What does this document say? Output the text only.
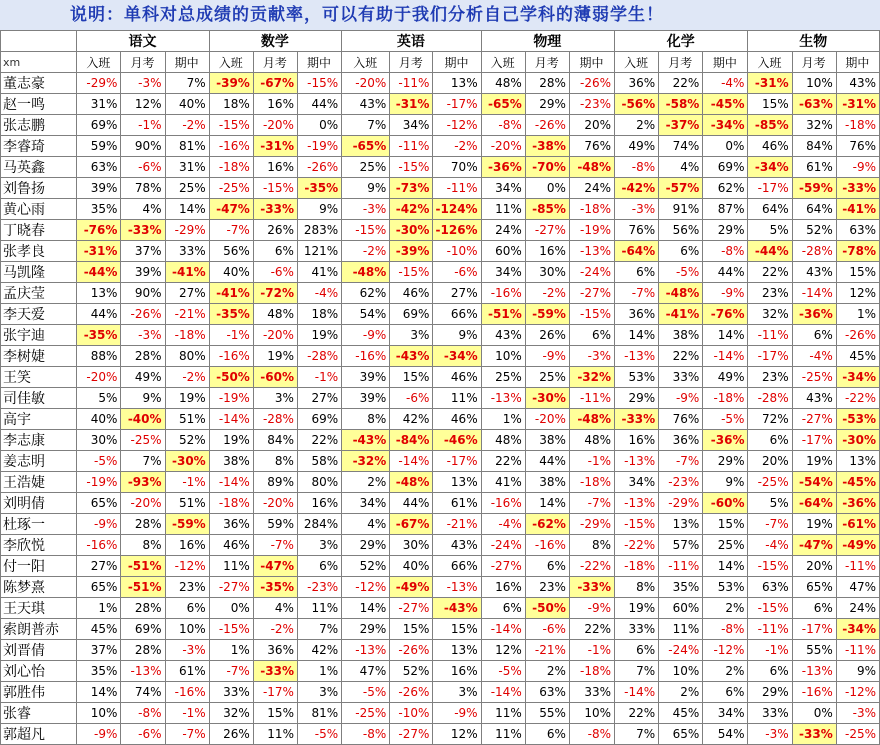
说明：单科对总成绩的贡献率，可以有助于我们分析自己学科的薄弱学生！
	语文			数学			英语			物理			化学			生物		
xm	入班	月考	期中	入班	月考	期中	入班	月考	期中	入班	月考	期中	入班	月考	期中	入班	月考	期中
董志豪	-29%	-3%	7%	-39%	-67%	-15%	-20%	-11%	13%	48%	28%	-26%	36%	22%	-4%	-31%	10%	43%
赵一鸣	31%	12%	40%	18%	16%	44%	43%	-31%	-17%	-65%	29%	-23%	-56%	-58%	-45%	15%	-63%	-31%
张志鹏	69%	-1%	-2%	-15%	-20%	0%	7%	34%	-12%	-8%	-26%	20%	2%	-37%	-34%	-85%	32%	-18%
李睿琦	59%	90%	81%	-16%	-31%	-19%	-65%	-11%	-2%	-20%	-38%	76%	49%	74%	0%	46%	84%	76%
马英鑫	63%	-6%	31%	-18%	16%	-26%	25%	-15%	70%	-36%	-70%	-48%	-8%	4%	69%	-34%	61%	-9%
刘鲁扬	39%	78%	25%	-25%	-15%	-35%	9%	-73%	-11%	34%	0%	24%	-42%	-57%	62%	-17%	-59%	-33%
黄心雨	35%	4%	14%	-47%	-33%	9%	-3%	-42%	-124%	11%	-85%	-18%	-3%	91%	87%	64%	64%	-41%
丁晓春	-76%	-33%	-29%	-7%	26%	283%	-15%	-30%	-126%	24%	-27%	-19%	76%	56%	29%	5%	52%	63%
张孝良	-31%	37%	33%	56%	6%	121%	-2%	-39%	-10%	60%	16%	-13%	-64%	6%	-8%	-44%	-28%	-78%
马凯隆	-44%	39%	-41%	40%	-6%	41%	-48%	-15%	-6%	34%	30%	-24%	6%	-5%	44%	22%	43%	15%
孟庆莹	13%	90%	27%	-41%	-72%	-4%	62%	46%	27%	-16%	-2%	-27%	-7%	-48%	-9%	23%	-14%	12%
李天爱	44%	-26%	-21%	-35%	48%	18%	54%	69%	66%	-51%	-59%	-15%	36%	-41%	-76%	32%	-36%	1%
张宇迪	-35%	-3%	-18%	-1%	-20%	19%	-9%	3%	9%	43%	26%	6%	14%	38%	14%	-11%	6%	-26%
李树婕	88%	28%	80%	-16%	19%	-28%	-16%	-43%	-34%	10%	-9%	-3%	-13%	22%	-14%	-17%	-4%	45%
王笑	-20%	49%	-2%	-50%	-60%	-1%	39%	15%	46%	25%	25%	-32%	53%	33%	49%	23%	-25%	-34%
司佳敏	5%	9%	19%	-19%	3%	27%	39%	-6%	11%	-13%	-30%	-11%	29%	-9%	-18%	-28%	43%	-22%
高宇	40%	-40%	51%	-14%	-28%	69%	8%	42%	46%	1%	-20%	-48%	-33%	76%	-5%	72%	-27%	-53%
李志康	30%	-25%	52%	19%	84%	22%	-43%	-84%	-46%	48%	38%	48%	16%	36%	-36%	6%	-17%	-30%
姜志明	-5%	7%	-30%	38%	8%	58%	-32%	-14%	-17%	22%	44%	-1%	-13%	-7%	29%	20%	19%	13%
王浩婕	-19%	-93%	-1%	-14%	89%	80%	2%	-48%	13%	41%	38%	-18%	34%	-23%	9%	-25%	-54%	-45%
刘明倩	65%	-20%	51%	-18%	-20%	16%	34%	44%	61%	-16%	14%	-7%	-13%	-29%	-60%	5%	-64%	-36%
杜琢一	-9%	28%	-59%	36%	59%	284%	4%	-67%	-21%	-4%	-62%	-29%	-15%	13%	15%	-7%	19%	-61%
李欣悦	-16%	8%	16%	46%	-7%	3%	29%	30%	43%	-24%	-16%	8%	-22%	57%	25%	-4%	-47%	-49%
付一阳	27%	-51%	-12%	11%	-47%	6%	52%	40%	66%	-27%	6%	-22%	-18%	-11%	14%	-15%	20%	-11%
陈梦熹	65%	-51%	23%	-27%	-35%	-23%	-12%	-49%	-13%	16%	23%	-33%	8%	35%	53%	63%	65%	47%
王天琪	1%	28%	6%	0%	4%	11%	14%	-27%	-43%	6%	-50%	-9%	19%	60%	2%	-15%	6%	24%
索朗普赤	45%	69%	10%	-15%	-2%	7%	29%	15%	15%	-14%	-6%	22%	33%	11%	-8%	-11%	-17%	-34%
刘晋倩	37%	28%	-3%	1%	36%	42%	-13%	-26%	13%	12%	-21%	-1%	6%	-24%	-12%	-1%	55%	-11%
刘心怡	35%	-13%	61%	-7%	-33%	1%	47%	52%	16%	-5%	2%	-18%	7%	10%	2%	6%	-13%	9%
郭胜伟	14%	74%	-16%	33%	-17%	3%	-5%	-26%	3%	-14%	63%	33%	-14%	2%	6%	29%	-16%	-12%
张睿	10%	-8%	-1%	32%	15%	81%	-25%	-10%	-9%	11%	55%	10%	22%	45%	34%	33%	0%	-3%
郭超凡	-9%	-6%	-7%	26%	11%	-5%	-8%	-27%	12%	11%	6%	-8%	7%	65%	54%	-3%	-33%	-25%
